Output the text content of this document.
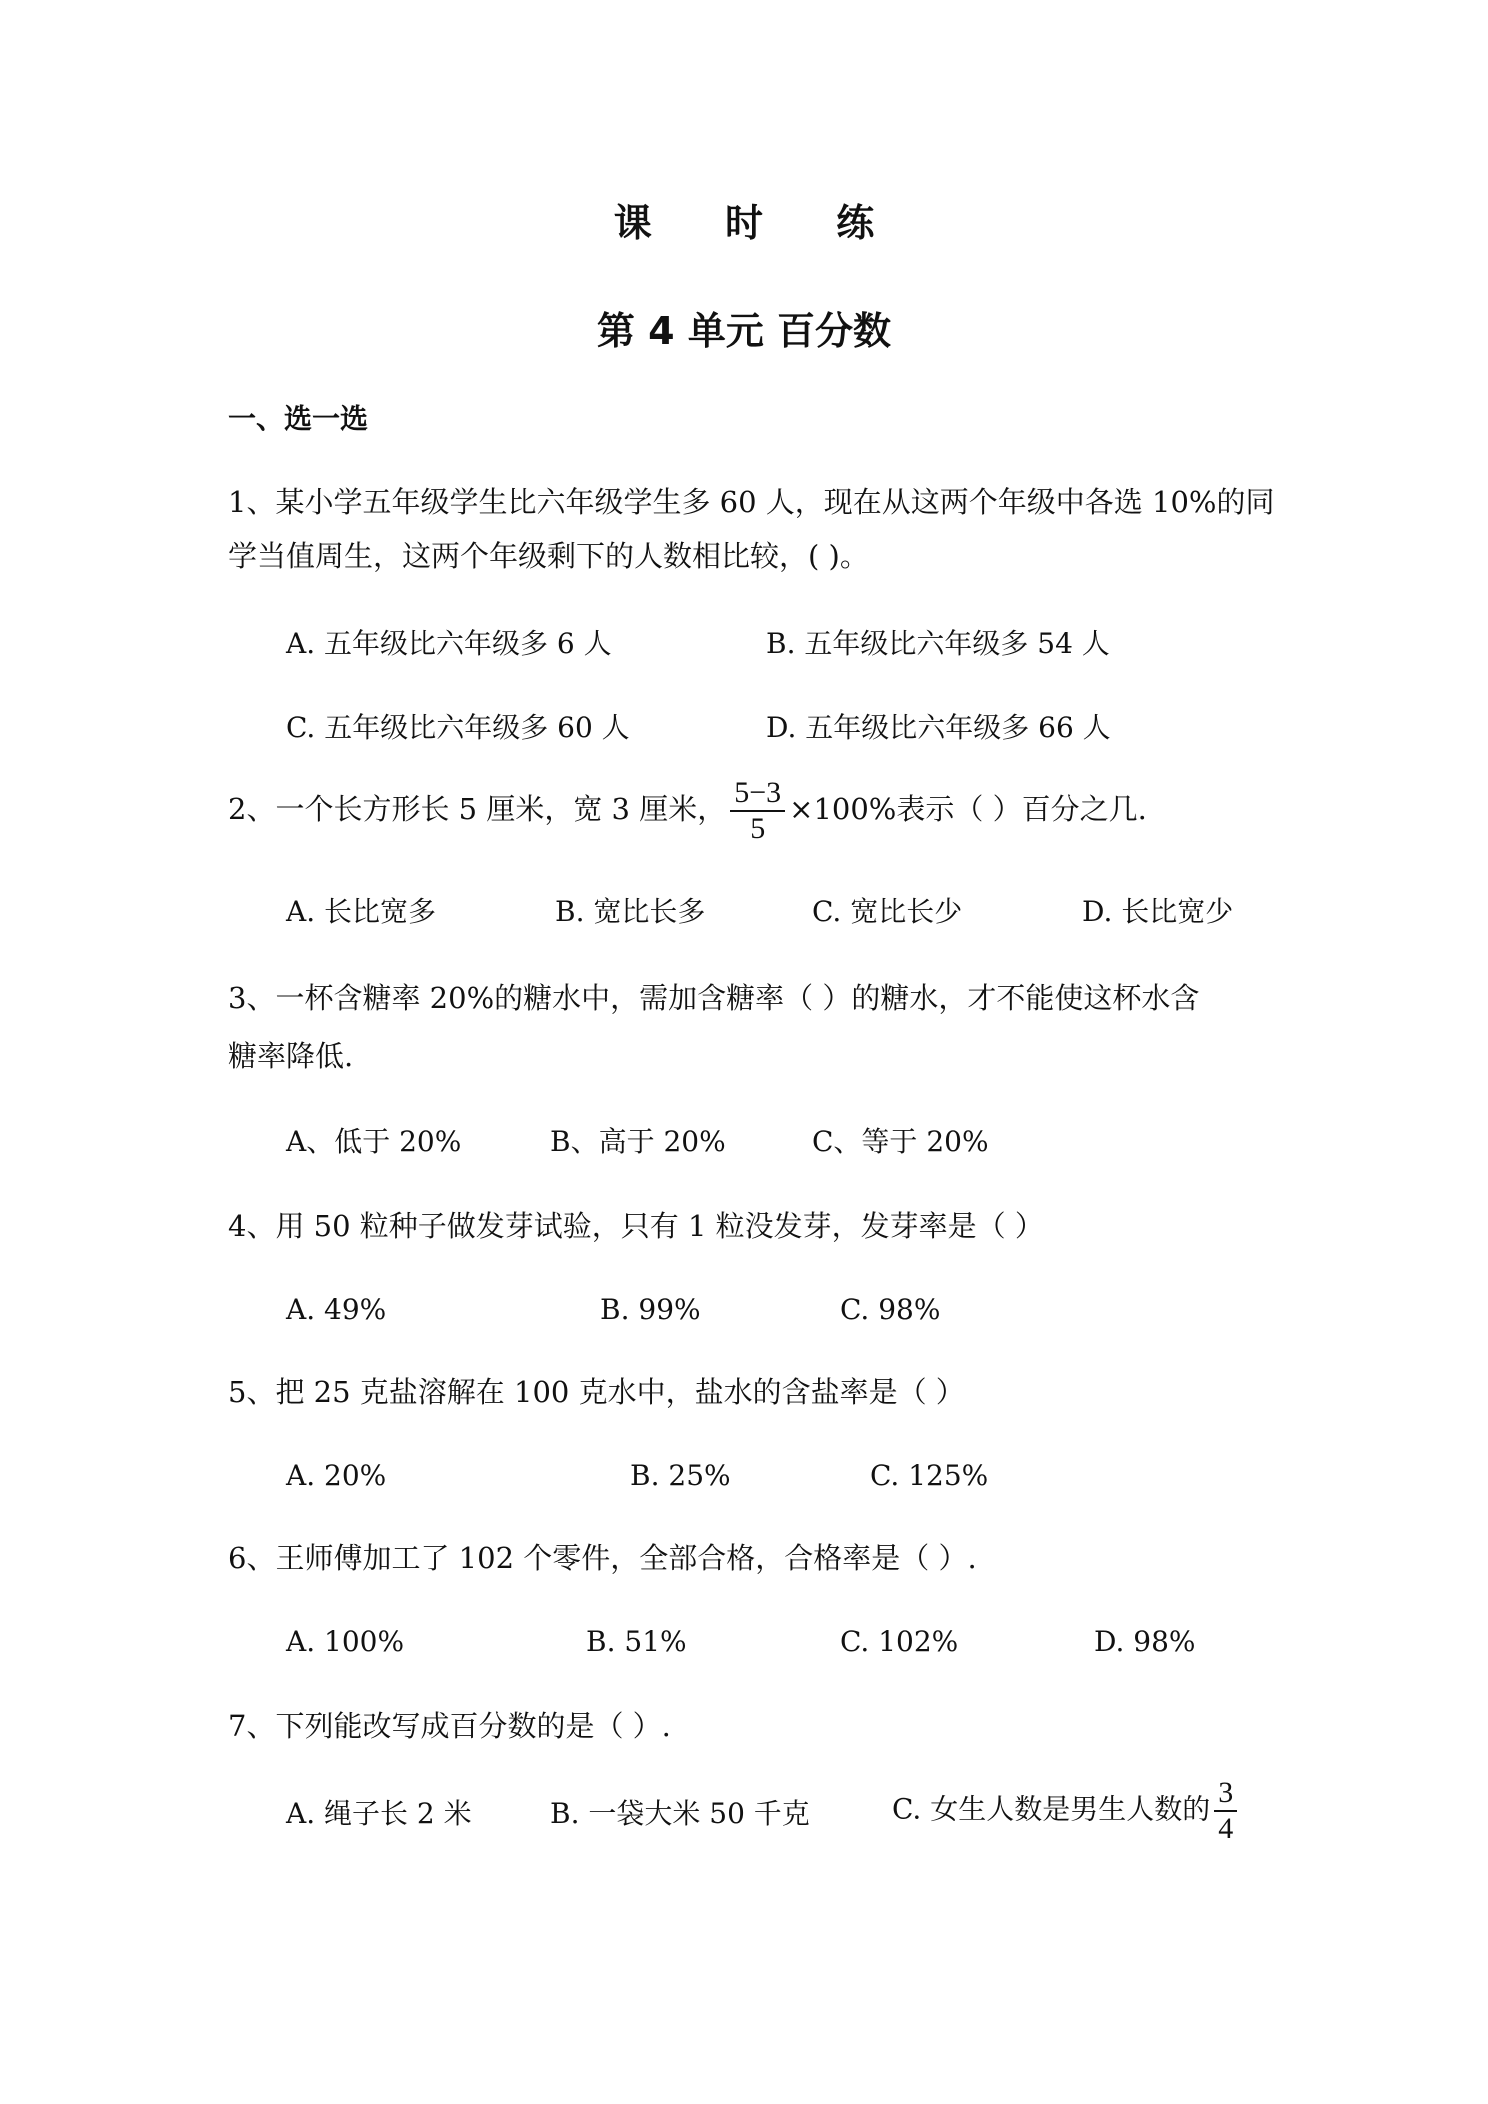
课 时 练
第 4 单元 百分数
一、选一选
1、某小学五年级学生比六年级学生多 60 人，现在从这两个年级中各选 10%的同
学当值周生，这两个年级剩下的人数相比较，( )。
A. 五年级比六年级多 6 人	B. 五年级比六年级多 54 人
C. 五年级比六年级多 60 人	D. 五年级比六年级多 66 人
2、一个长方形长 5 厘米，宽 3 厘米， $\frac{5-3}{5} \times 100\%$表示（ ）百分之几.
A. 长比宽多	B. 宽比长多	C. 宽比长少	D. 长比宽少
3、一杯含糖率 20%的糖水中，需加含糖率（ ）的糖水，才不能使这杯水含
糖率降低.
A、低于 20%	B、高于 20%	C、等于 20%
4、用 50 粒种子做发芽试验，只有 1 粒没发芽，发芽率是（ ）
A. 49%	B. 99%	C. 98%
5、把 25 克盐溶解在 100 克水中，盐水的含盐率是（ ）
A. 20%	B. 25%	C. 125%
6、王师傅加工了 102 个零件，全部合格，合格率是（ ）.
A. 100%	B. 51%	C. 102%	D. 98%
7、下列能改写成百分数的是（ ）.
A. 绳子长 2 米	B. 一袋大米 50 千克	C. 女生人数是男生人数的 $\frac{3}{4}$
